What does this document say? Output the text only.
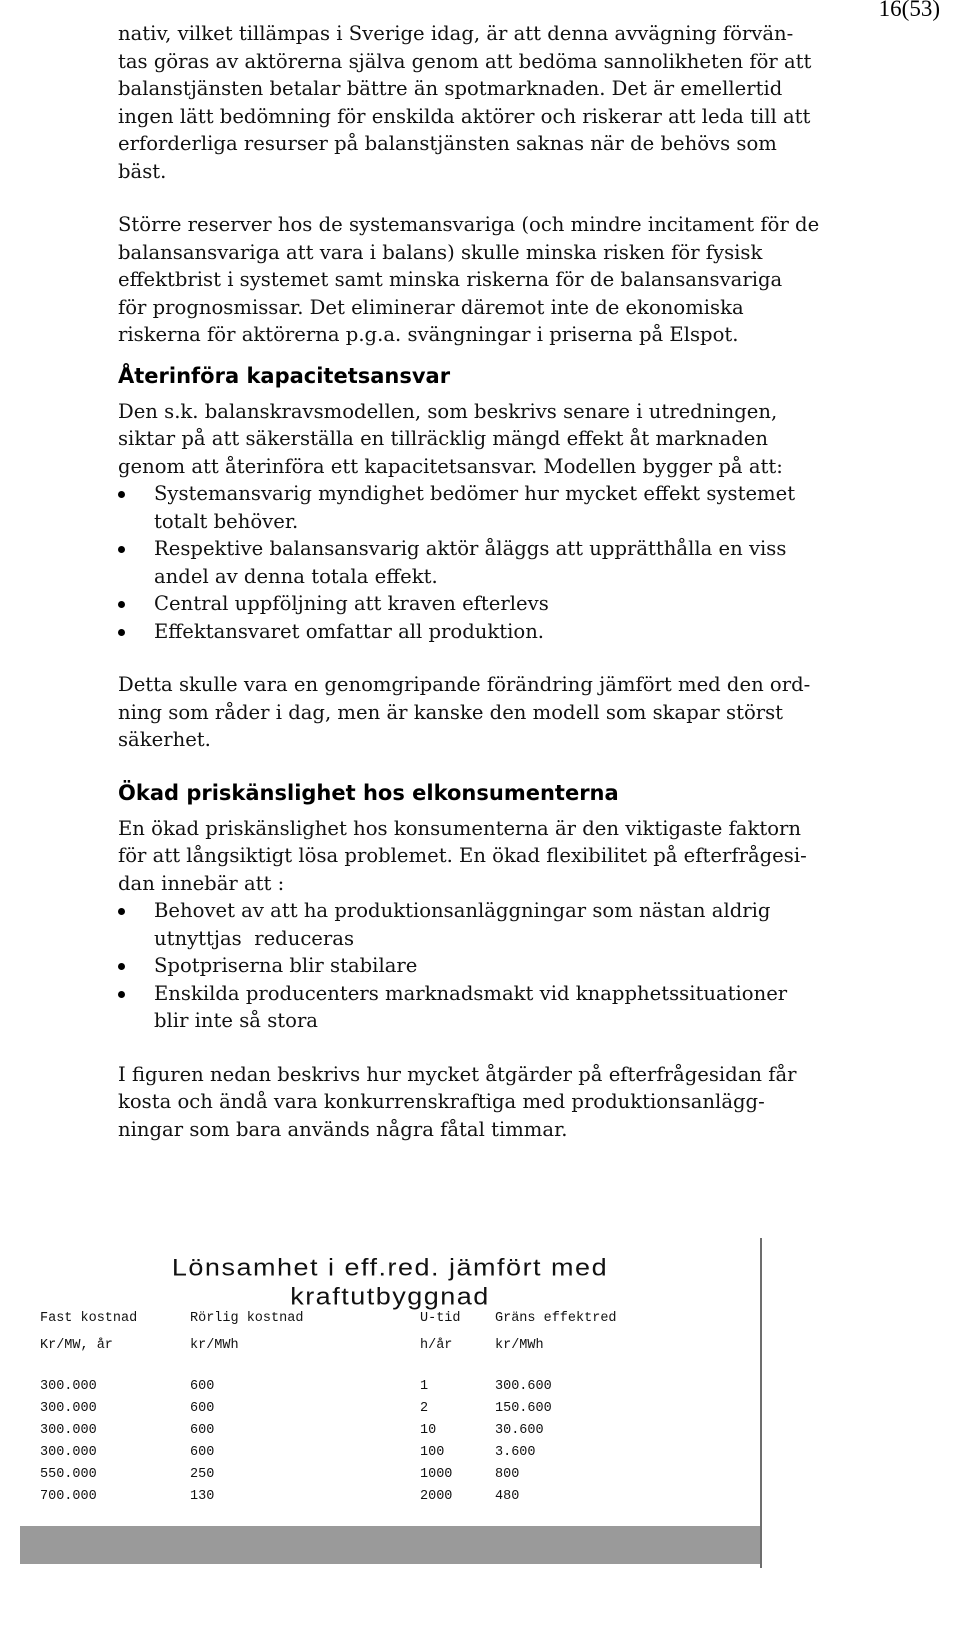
16(53)
nativ, vilket tillämpas i Sverige idag, är att denna avvägning förvän-
tas göras av aktörerna själva genom att bedöma sannolikheten för att
balanstjänsten betalar bättre än spotmarknaden. Det är emellertid
ingen lätt bedömning för enskilda aktörer och riskerar att leda till att
erforderliga resurser på balanstjänsten saknas när de behövs som
bäst.
Större reserver hos de systemansvariga (och mindre incitament för de
balansansvariga att vara i balans) skulle minska risken för fysisk
effektbrist i systemet samt minska riskerna för de balansansvariga
för prognosmissar. Det eliminerar däremot inte de ekonomiska
riskerna för aktörerna p.g.a. svängningar i priserna på Elspot.
Återinföra kapacitetsansvar
Den s.k. balanskravsmodellen, som beskrivs senare i utredningen,
siktar på att säkerställa en tillräcklig mängd effekt åt marknaden
genom att återinföra ett kapacitetsansvar. Modellen bygger på att:
Systemansvarig myndighet bedömer hur mycket effekt systemet
totalt behöver.
Respektive balansansvarig aktör åläggs att upprätthålla en viss
andel av denna totala effekt.
Central uppföljning att kraven efterlevs
Effektansvaret omfattar all produktion.
Detta skulle vara en genomgripande förändring jämfört med den ord-
ning som råder i dag, men är kanske den modell som skapar störst
säkerhet.
Ökad priskänslighet hos elkonsumenterna
En ökad priskänslighet hos konsumenterna är den viktigaste faktorn
för att långsiktigt lösa problemet. En ökad flexibilitet på efterfrågesi-
dan innebär att :
Behovet av att ha produktionsanläggningar som nästan aldrig
utnyttjas  reduceras
Spotpriserna blir stabilare
Enskilda producenters marknadsmakt vid knapphetssituationer
blir inte så stora
I figuren nedan beskrivs hur mycket åtgärder på efterfrågesidan får
kosta och ändå vara konkurrenskraftiga med produktionsanlägg-
ningar som bara används några fåtal timmar.
Lönsamhet i eff.red. jämfört med
kraftutbyggnad
Fast kostnad	Rörlig kostnad	U-tid	Gräns effektred
Kr/MW, år	kr/MWh	h/år	kr/MWh
300.000	600	1	300.600
300.000	600	2	150.600
300.000	600	10	30.600
300.000	600	100	3.600
550.000	250	1000	800
700.000	130	2000	480
